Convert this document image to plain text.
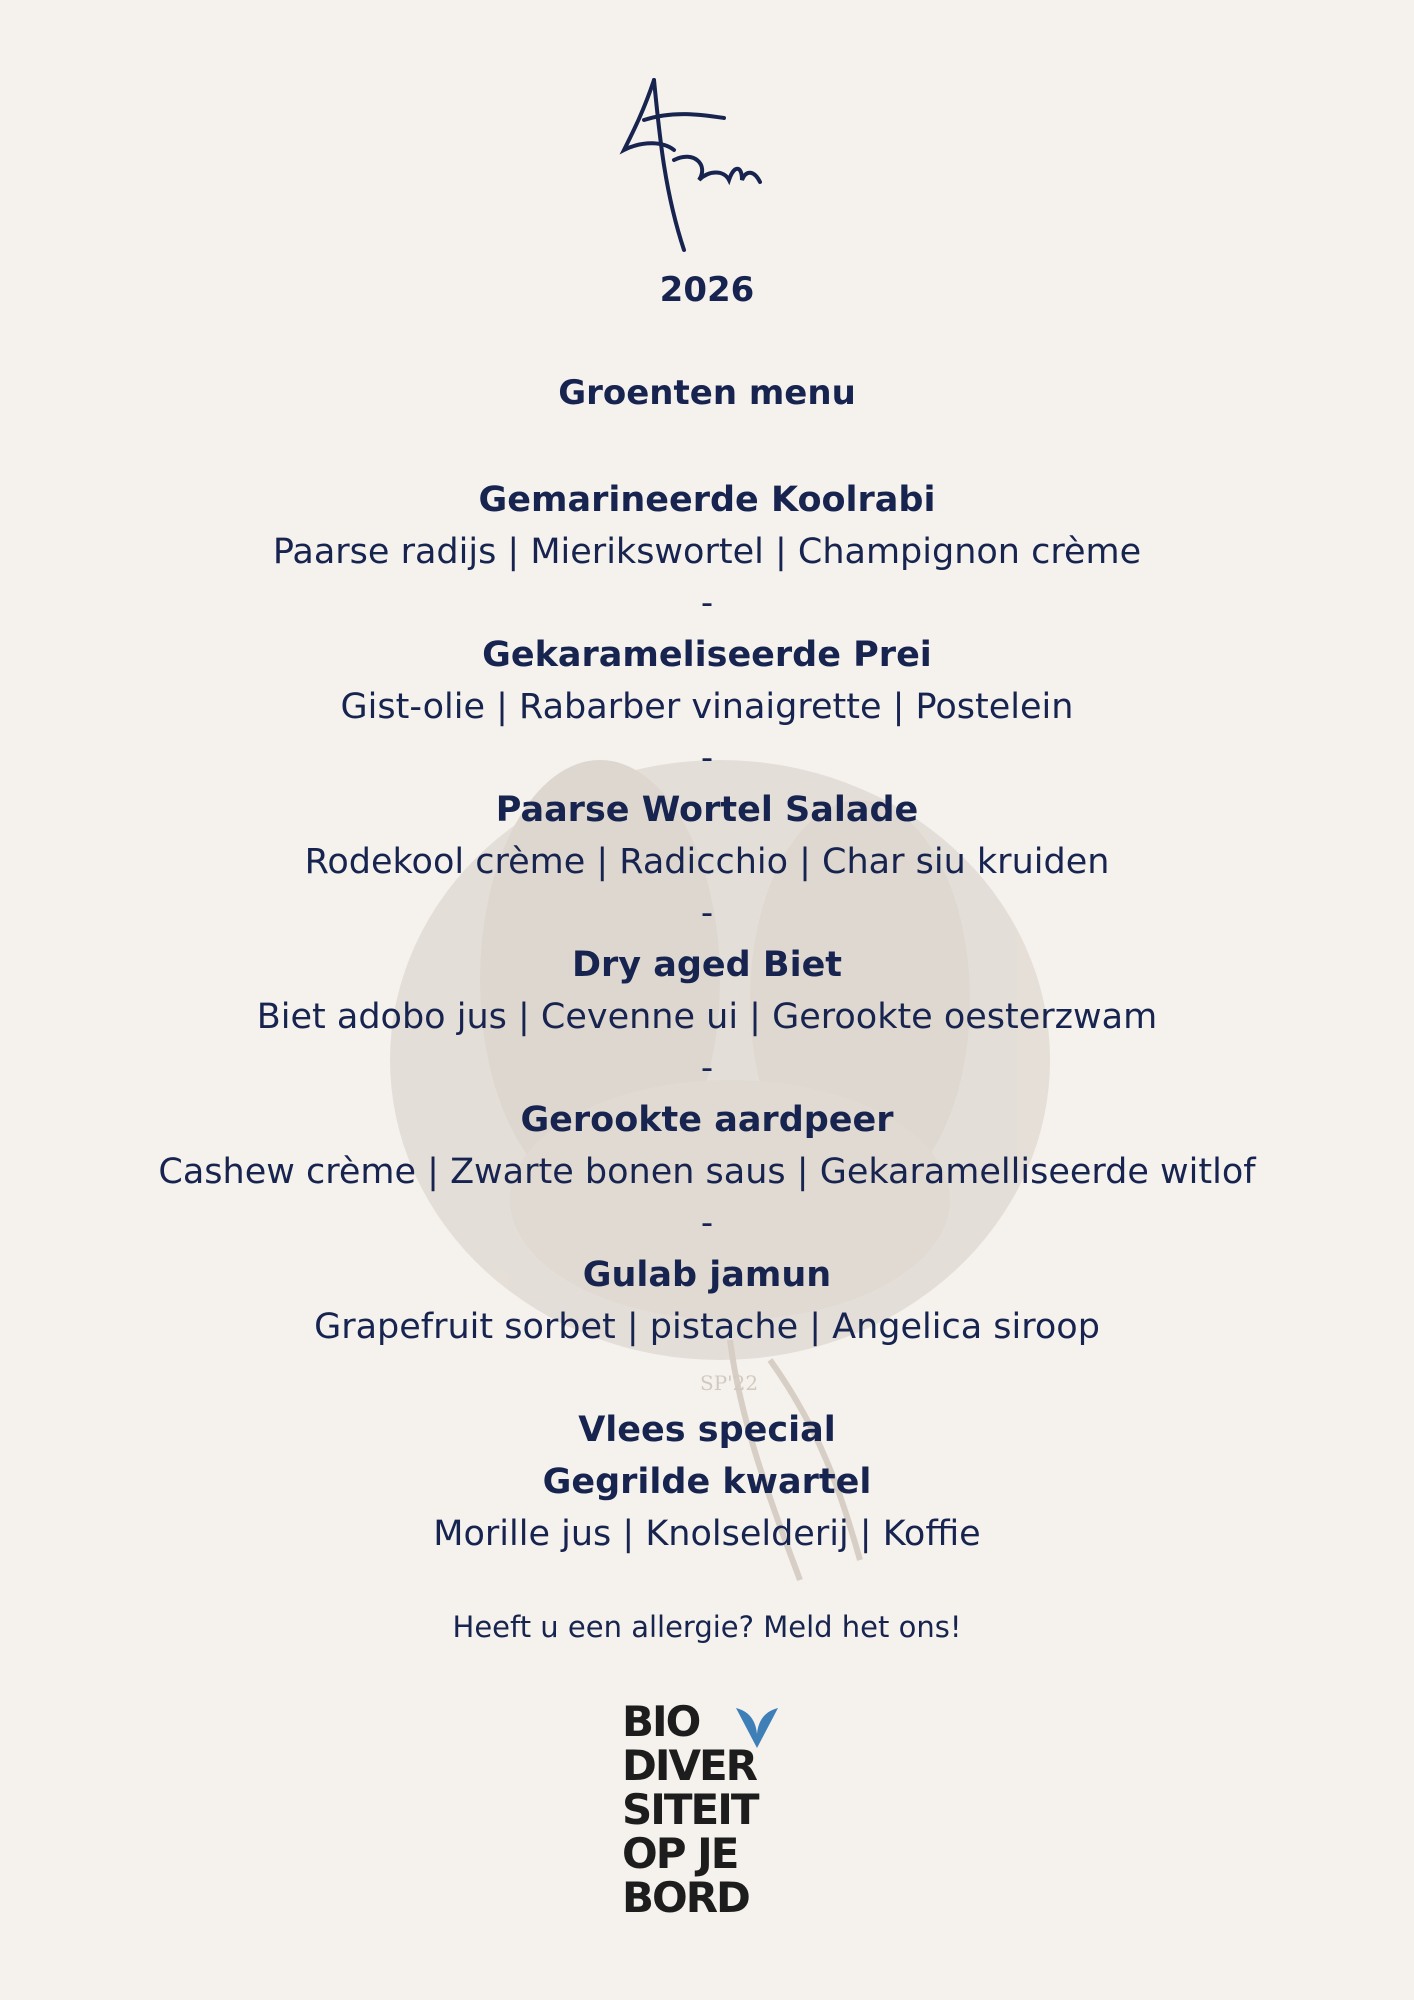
SP'22
2026
Groenten menu
Gemarineerde Koolrabi
Paarse radijs | Mierikswortel | Champignon crème
-
Gekarameliseerde Prei
Gist-olie | Rabarber vinaigrette | Postelein
-
Paarse Wortel Salade
Rodekool crème | Radicchio | Char siu kruiden
-
Dry aged Biet
Biet adobo jus | Cevenne ui | Gerookte oesterzwam
-
Gerookte aardpeer
Cashew crème | Zwarte bonen saus | Gekaramelliseerde witlof
-
Gulab jamun
Grapefruit sorbet | pistache | Angelica siroop
Vlees special
Gegrilde kwartel
Morille jus | Knolselderij | Koffie
Heeft u een allergie? Meld het ons!
BIO
DIVER
SITEIT
OP JE
BORD
